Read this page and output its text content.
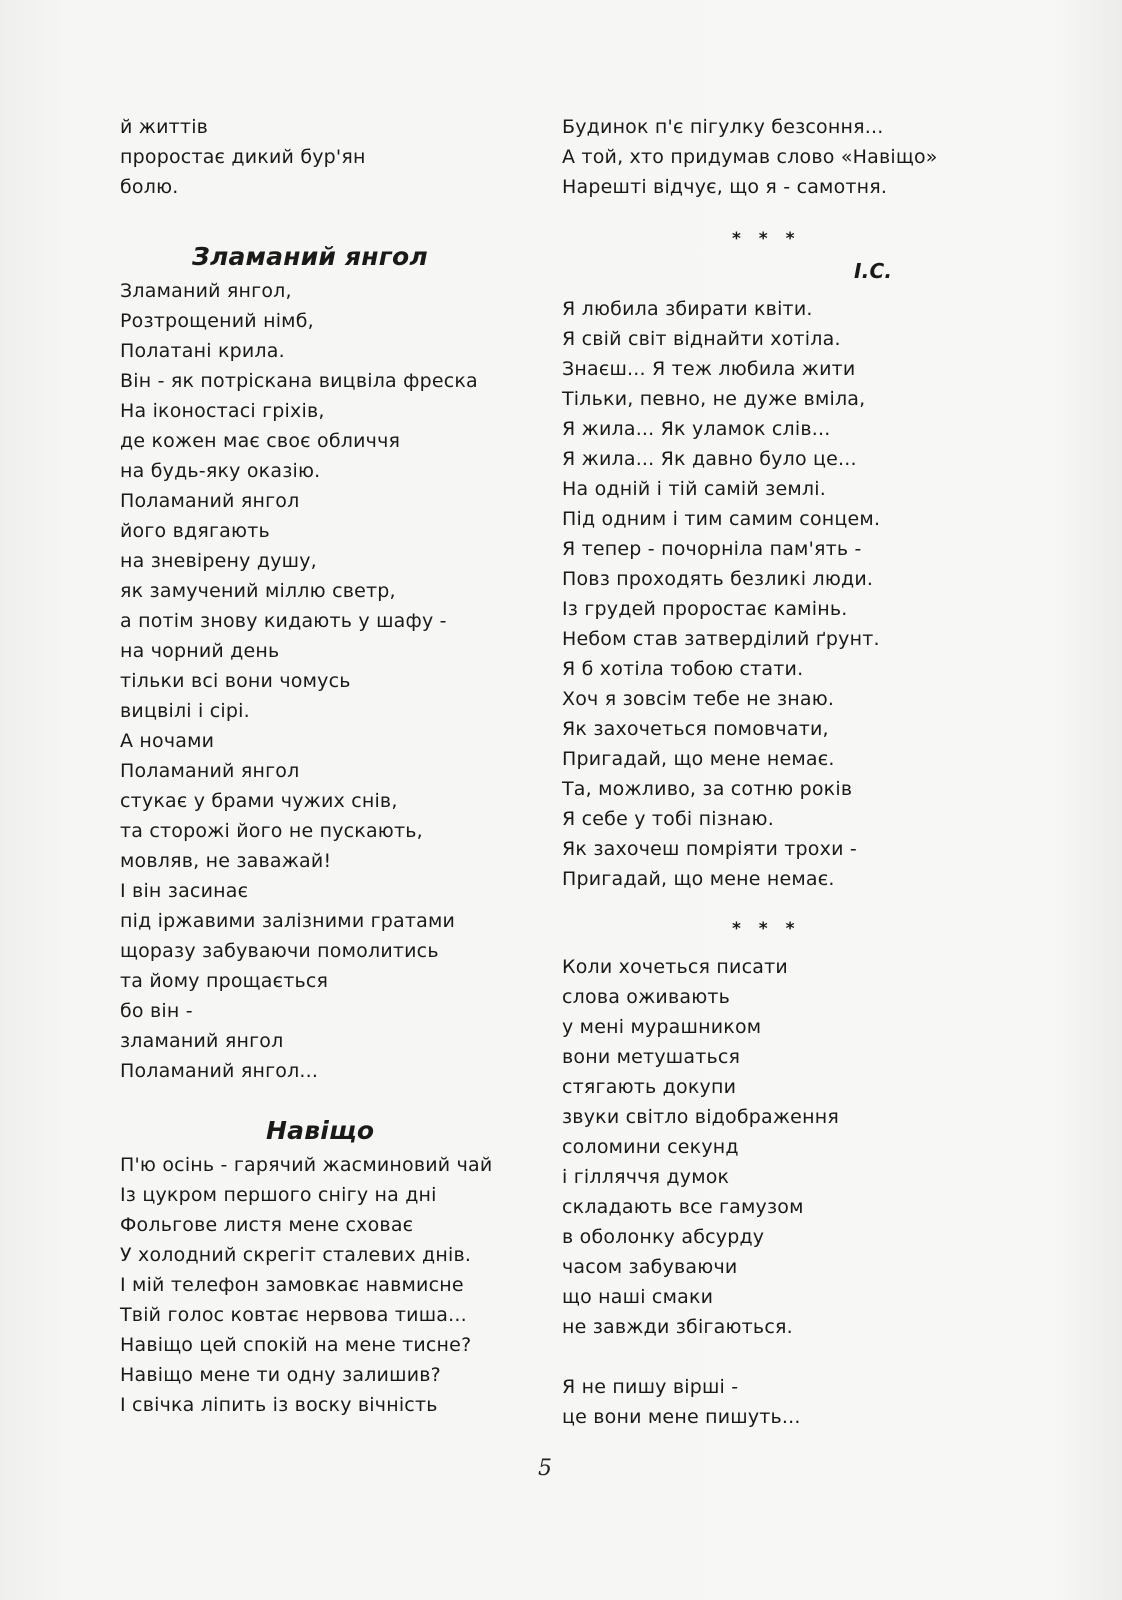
й життів
проростає дикий бур'ян
болю.
Зламаний янгол
Зламаний янгол,
Розтрощений німб,
Полатані крила.
Він - як потріскана вицвіла фреска
На іконостасі гріхів,
де кожен має своє обличчя
на будь-яку оказію.
Поламаний янгол
його вдягають
на зневірену душу,
як замучений міллю светр,
а потім знову кидають у шафу -
на чорний день
тільки всі вони чомусь
вицвілі і сірі.
А ночами
Поламаний янгол
стукає у брами чужих снів,
та сторожі його не пускають,
мовляв, не заважай!
І він засинає
під іржавими залізними гратами
щоразу забуваючи помолитись
та йому прощається
бо він -
зламаний янгол
Поламаний янгол...
Навіщо
П'ю осінь - гарячий жасминовий чай
Із цукром першого снігу на дні
Фольгове листя мене сховає
У холодний скрегіт сталевих днів.
І мій телефон замовкає навмисне
Твій голос ковтає нервова тиша...
Навіщо цей спокій на мене тисне?
Навіщо мене ти одну залишив?
І свічка ліпить із воску вічність
Будинок п'є пігулку безсоння...
А той, хто придумав слово «Навіщо»
Нарешті відчує, що я - самотня.
* * *
І.С.
Я любила збирати квіти.
Я свій світ віднайти хотіла.
Знаєш... Я теж любила жити
Тільки, певно, не дуже вміла,
Я жила... Як уламок слів...
Я жила... Як давно було це...
На одній і тій самій землі.
Під одним і тим самим сонцем.
Я тепер - почорніла пам'ять -
Повз проходять безликі люди.
Із грудей проростає камінь.
Небом став затверділий ґрунт.
Я б хотіла тобою стати.
Хоч я зовсім тебе не знаю.
Як захочеться помовчати,
Пригадай, що мене немає.
Та, можливо, за сотню років
Я себе у тобі пізнаю.
Як захочеш помріяти трохи -
Пригадай, що мене немає.
* * *
Коли хочеться писати
слова оживають
у мені мурашником
вони метушаться
стягають докупи
звуки світло відображення
соломини секунд
і гілляччя думок
складають все гамузом
в оболонку абсурду
часом забуваючи
що наші смаки
не завжди збігаються.
Я не пишу вірші -
це вони мене пишуть...
5
